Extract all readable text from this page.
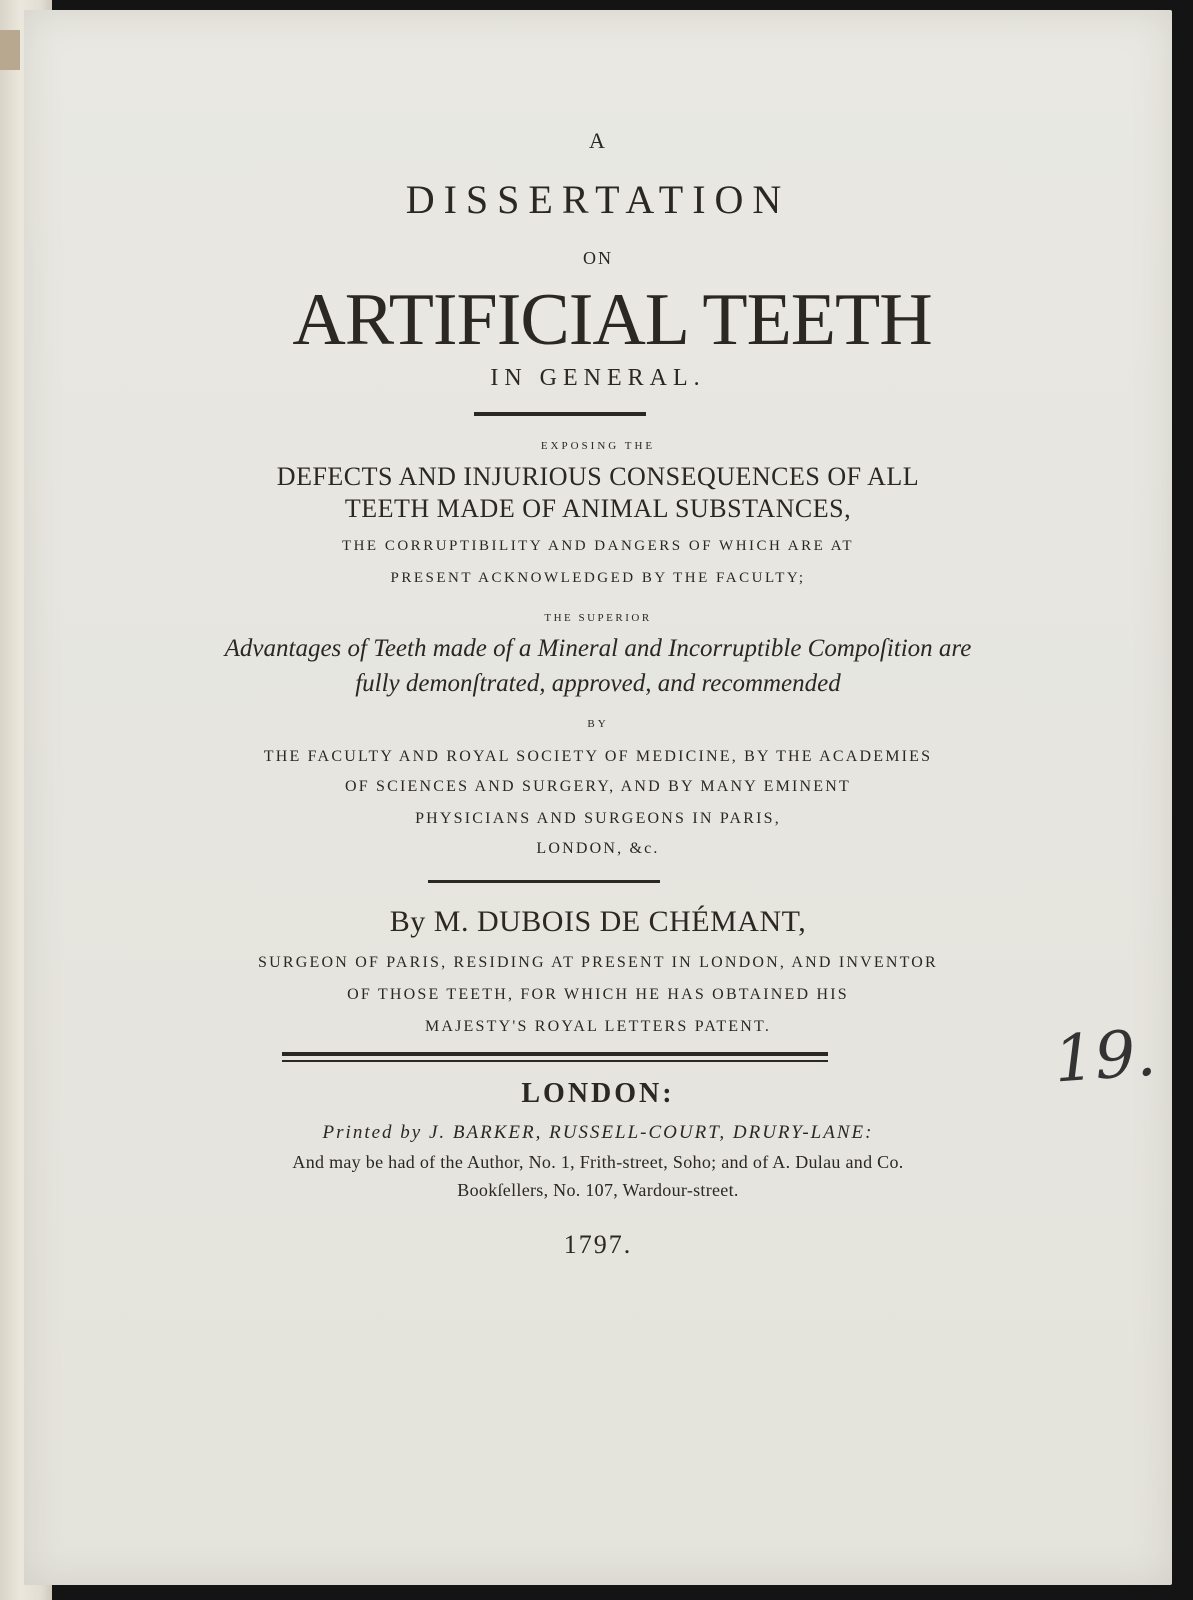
A
DISSERTATION
ON
ARTIFICIAL TEETH
IN GENERAL.
EXPOSING THE
DEFECTS AND INJURIOUS CONSEQUENCES OF ALL
TEETH MADE OF ANIMAL SUBSTANCES,
THE CORRUPTIBILITY AND DANGERS OF WHICH ARE AT
PRESENT ACKNOWLEDGED BY THE FACULTY;
THE SUPERIOR
Advantages of Teeth made of a Mineral and Incorruptible Compoſition are
fully demonſtrated, approved, and recommended
BY
THE FACULTY AND ROYAL SOCIETY OF MEDICINE, BY THE ACADEMIES
OF SCIENCES AND SURGERY, AND BY MANY EMINENT
PHYSICIANS AND SURGEONS IN PARIS,
LONDON, &c.
By M. DUBOIS DE CHÉMANT,
SURGEON OF PARIS, RESIDING AT PRESENT IN LONDON, AND INVENTOR
OF THOSE TEETH, FOR WHICH HE HAS OBTAINED HIS
MAJESTY'S ROYAL LETTERS PATENT.
LONDON:
Printed by J. BARKER, RUSSELL-COURT, DRURY-LANE:
And may be had of the Author, No. 1, Frith-street, Soho; and of A. Dulau and Co.
Bookſellers, No. 107, Wardour-street.
1797.
19.
